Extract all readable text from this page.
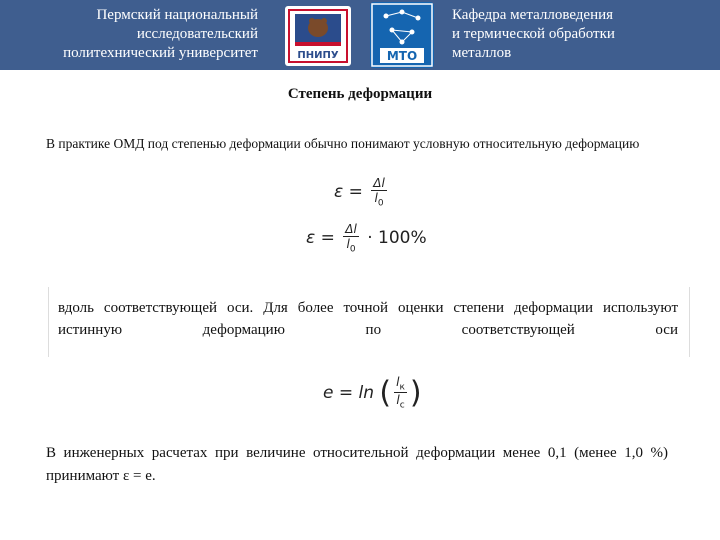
Пермский национальный
исследовательский
политехнический университет	ПНИПУ	МТО
Кафедра металловедения
и термической обработки
металлов
Степень деформации
В практике ОМД под степенью деформации обычно понимают условную относительную деформацию
$\varepsilon = \frac{\Delta l}{l_0}$
$\varepsilon = \frac{\Delta l}{l_0} \cdot 100\%$
вдоль соответствующей оси. Для более точной оценки степени деформации используют истинную деформацию по соответствующей оси
e = ln ( $\frac{l_к}{l_с}$ )
В инженерных расчетах при величине относительной деформации менее 0,1 (менее 1,0 %) принимают ε = e.
